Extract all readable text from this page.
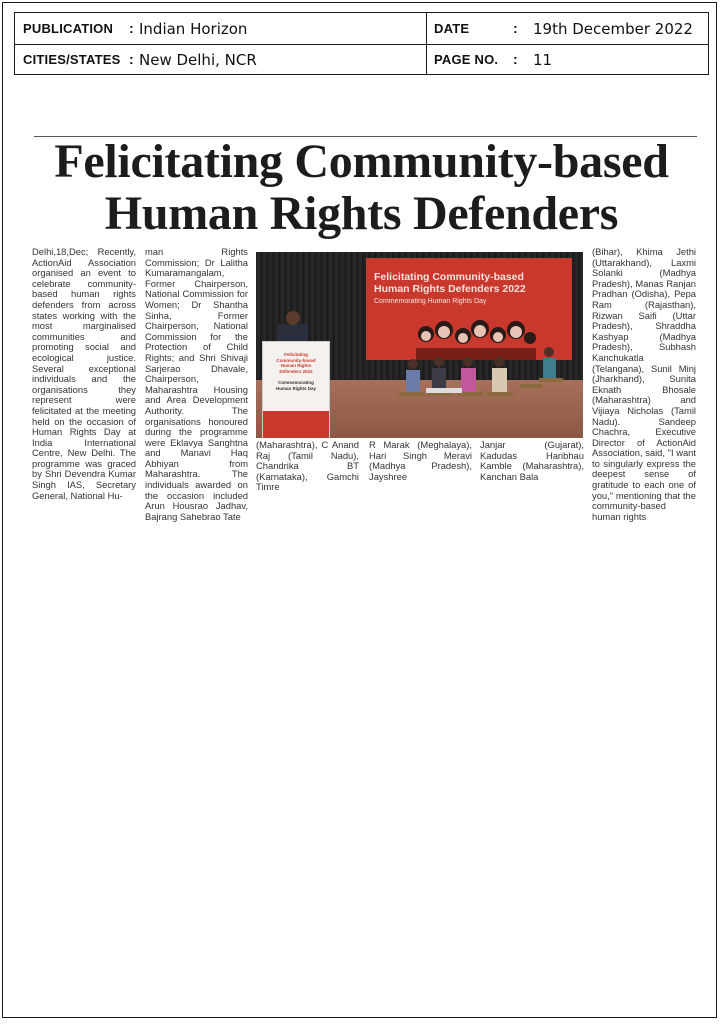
PUBLICATION : Indian Horizon	DATE	: 19th December 2022
CITIES/STATES : New Delhi, NCR	PAGE NO. : 11
Felicitating Community-based
Human Rights Defenders

Delhi,18,Dec; Recently, ActionAid Association organised an event to celebrate community-based human rights defenders from across states working with the most marginalised communities and promoting social and ecological justice. Several exceptional individuals and the organisations they represent were felicitated at the meeting held on the occasion of Human Rights Day at India International Centre, New Delhi. The programme was graced by Shri Devendra Kumar Singh IAS, Secretary General, National Hu-

man Rights Commission; Dr Lalitha Kumaramangalam, Former Chairperson, National Commission for Women; Dr Shantha Sinha, Former Chairperson, National Commission for the Protection of Child Rights; and Shri Shivaji Sarjerao Dhavale, Chairperson, Maharashtra Housing and Area Development Authority. The organisations honoured during the programme were Eklavya Sanghtna and Manavi Haq Abhiyan from Maharashtra. The individuals awarded on the occasion included Arun Housrao Jadhav, Bajrang Sahebrao Tate

Felicitating Community-based
Human Rights Defenders 2022
Commemorating Human Rights Day
Felicitating
Community-based
Human Rights
Defenders 2022
Commemorating
Human Rights Day

(Maharashtra), C Anand Raj (Tamil Nadu), Chandrika BT (Karnataka), Gamchi Timre

R Marak (Meghalaya), Hari Singh Meravi (Madhya Pradesh), Jayshree

Janjar (Gujarat), Kadudas Haribhau Kamble (Maharashtra), Kanchan Bala

(Bihar), Khima Jethi (Uttarakhand), Laxmi Solanki (Madhya Pradesh), Manas Ranjan Pradhan (Odisha), Pepa Ram (Rajasthan), Rizwan Saifi (Uttar Pradesh), Shraddha Kashyap (Madhya Pradesh), Subhash Kanchukatla (Telangana), Sunil Minj (Jharkhand), Sunita Eknath Bhosale (Maharashtra) and Vijiaya Nicholas (Tamil Nadu). Sandeep Chachra, Executive Director of ActionAid Association, said, "I want to singularly express the deepest sense of gratitude to each one of you," mentioning that the community-based human rights
